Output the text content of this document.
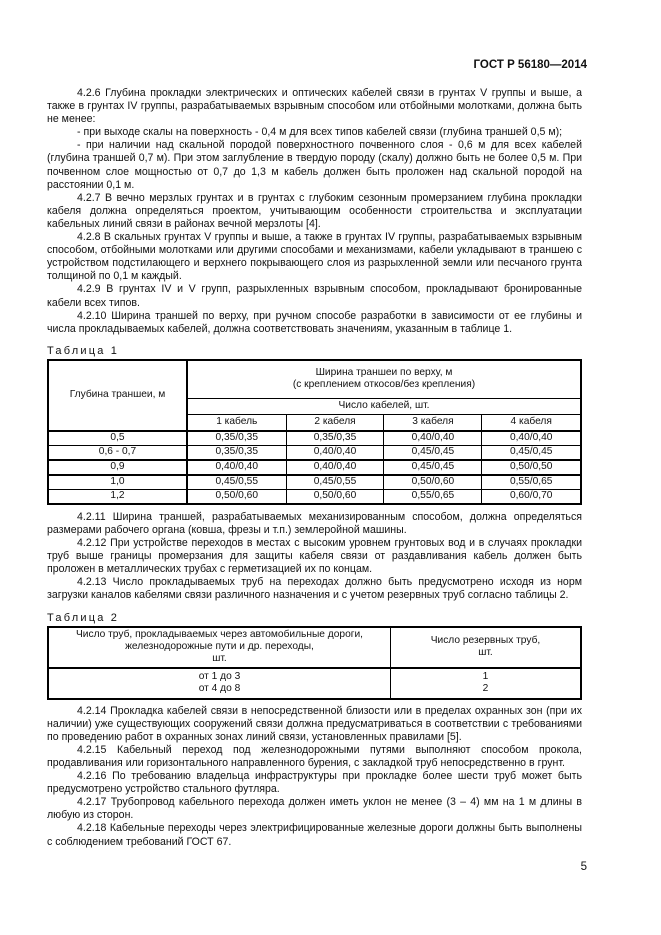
ГОСТ Р 56180—2014

4.2.6 Глубина прокладки электрических и оптических кабелей связи в грунтах V группы и выше, а также в грунтах IV группы, разрабатываемых взрывным способом или отбойными молотками, должна быть не менее:

- при выходе скалы на поверхность - 0,4 м для всех типов кабелей связи (глубина траншей 0,5 м);

- при наличии над скальной породой поверхностного почвенного слоя - 0,6 м для всех кабелей (глубина траншей 0,7 м). При этом заглубление в твердую породу (скалу) должно быть не более 0,5 м. При почвенном слое мощностью от 0,7 до 1,3 м кабель должен быть проложен над скальной породой на расстоянии 0,1 м.

4.2.7 В вечно мерзлых грунтах и в грунтах с глубоким сезонным промерзанием глубина прокладки кабеля должна определяться проектом, учитывающим особенности строительства и эксплуатации кабельных линий связи в районах вечной мерзлоты [4].

4.2.8 В скальных грунтах V группы и выше, а также в грунтах IV группы, разрабатываемых взрывным способом, отбойными молотками или другими способами и механизмами, кабели укладывают в траншею с устройством подстилающего и верхнего покрывающего слоя из разрыхленной земли или песчаного грунта толщиной по 0,1 м каждый.

4.2.9 В грунтах IV и V групп, разрыхленных взрывным способом, прокладывают бронированные кабели всех типов.

4.2.10 Ширина траншей по верху, при ручном способе разработки в зависимости от ее глубины и числа прокладываемых кабелей, должна соответствовать значениям, указанным в таблице 1.

Таблица 1
Глубина траншеи, м	Ширина траншеи по верху, м
(с креплением откосов/без крепления)			

	Число кабелей, шт.			
	1 кабель	2 кабеля	3 кабеля	4 кабеля
0,5	0,35/0,35	0,35/0,35	0,40/0,40	0,40/0,40
0,6 - 0,7	0,35/0,35	0,40/0,40	0,45/0,45	0,45/0,45
0,9	0,40/0,40	0,40/0,40	0,45/0,45	0,50/0,50
1,0	0,45/0,55	0,45/0,55	0,50/0,60	0,55/0,65
1,2	0,50/0,60	0,50/0,60	0,55/0,65	0,60/0,70

4.2.11 Ширина траншей, разрабатываемых механизированным способом, должна определяться размерами рабочего органа (ковша, фрезы и т.п.) землеройной машины.

4.2.12 При устройстве переходов в местах с высоким уровнем грунтовых вод и в случаях прокладки труб выше границы промерзания для защиты кабеля связи от раздавливания кабель должен быть проложен в металлических трубах с герметизацией их по концам.

4.2.13 Число прокладываемых труб на переходах должно быть предусмотрено исходя из норм загрузки каналов кабелями связи различного назначения и с учетом резервных труб согласно таблицы 2.

Таблица 2
Число труб, прокладываемых через автомобильные дороги,
железнодорожные пути и др. переходы,
шт.

Число резервных труб,
шт.

от 1 до 3	1
от 4 до 8	2

4.2.14 Прокладка кабелей связи в непосредственной близости или в пределах охранных зон (при их наличии) уже существующих сооружений связи должна предусматриваться в соответствии с требованиями по проведению работ в охранных зонах линий связи, установленных правилами [5].

4.2.15 Кабельный переход под железнодорожными путями выполняют способом прокола, продавливания или горизонтального направленного бурения, с закладкой труб непосредственно в грунт.

4.2.16 По требованию владельца инфраструктуры при прокладке более шести труб может быть предусмотрено устройство стального футляра.

4.2.17 Трубопровод кабельного перехода должен иметь уклон не менее (3 – 4) мм на 1 м длины в любую из сторон.

4.2.18 Кабельные переходы через электрифицированные железные дороги должны быть выполнены с соблюдением требований ГОСТ 67.

5
